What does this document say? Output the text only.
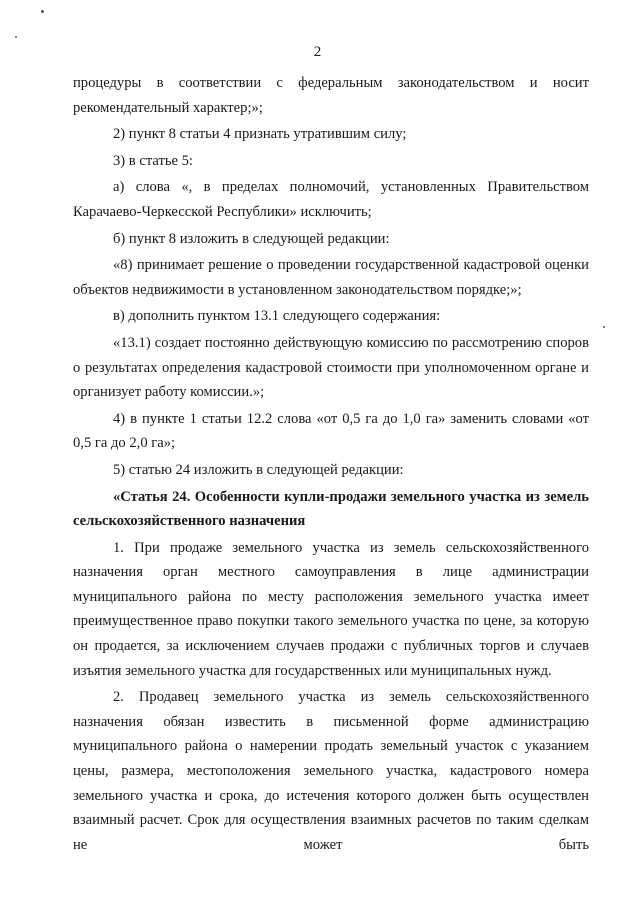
2

процедуры в соответствии с федеральным законодательством и носит рекомендательный характер;»;

2) пункт 8 статьи 4 признать утратившим силу;

3) в статье 5:

а) слова «, в пределах полномочий, установленных Правительством Карачаево-Черкесской Республики» исключить;

б) пункт 8 изложить в следующей редакции:

«8) принимает решение о проведении государственной кадастровой оценки объектов недвижимости в установленном законодательством порядке;»;

в) дополнить пунктом 13.1 следующего содержания:

«13.1) создает постоянно действующую комиссию по рассмотрению споров о результатах определения кадастровой стоимости при уполномоченном органе и организует работу комиссии.»;

4) в пункте 1 статьи 12.2 слова «от 0,5 га до 1,0 га» заменить словами «от 0,5 га до 2,0 га»;

5) статью 24 изложить в следующей редакции:

«Статья 24. Особенности купли-продажи земельного участка из земель сельскохозяйственного назначения

1. При продаже земельного участка из земель сельскохозяйственного назначения орган местного самоуправления в лице администрации муниципального района по месту расположения земельного участка имеет преимущественное право покупки такого земельного участка по цене, за которую он продается, за исключением случаев продажи с публичных торгов и случаев изъятия земельного участка для государственных или муниципальных нужд.

2. Продавец земельного участка из земель сельскохозяйственного назначения обязан известить в письменной форме администрацию муниципального района о намерении продать земельный участок с указанием цены, размера, местоположения земельного участка, кадастрового номера земельного участка и срока, до истечения которого должен быть осуществлен взаимный расчет. Срок для осуществления взаимных расчетов по таким сделкам не может быть
